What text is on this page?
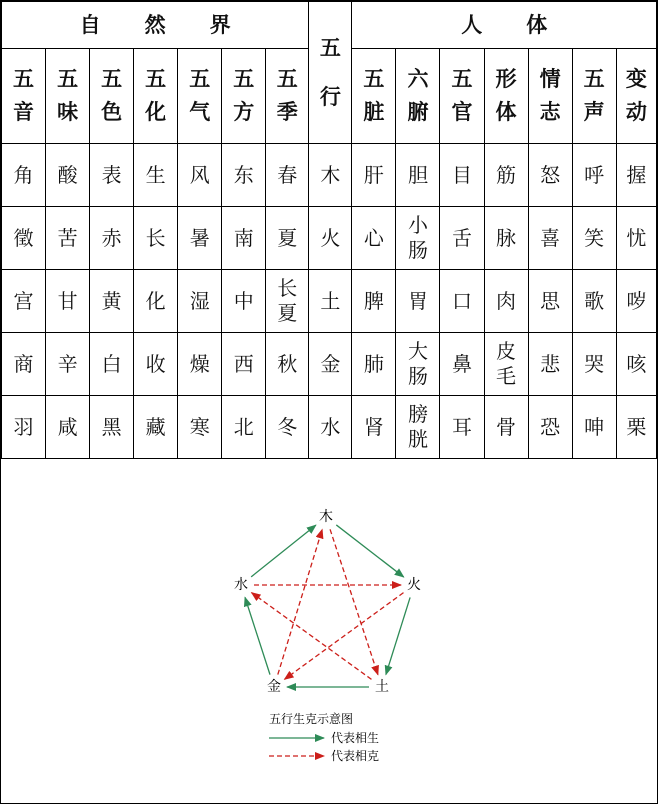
自 然 界							五行	人 体						

五音	五味	五色	五化	五气	五方	五季		五脏	六腑	五官	形体	情志	五声	变动

角	酸	表	生	风	东	春	木	肝	胆	目	筋	怒	呼	握

徵	苦	赤	长	暑	南	夏	火	心	小肠	舌	脉	喜	笑	忧

宫	甘	黄	化	湿	中	长夏	土	脾	胃	口	肉	思	歌	哕

商	辛	白	收	燥	西	秋	金	肺	大肠	鼻	皮毛	悲	哭	咳

羽	咸	黑	藏	寒	北	冬	水	肾	膀胱	耳	骨	恐	呻	栗
木
火
土
金
水
五行生克示意图
代表相生
代表相克
